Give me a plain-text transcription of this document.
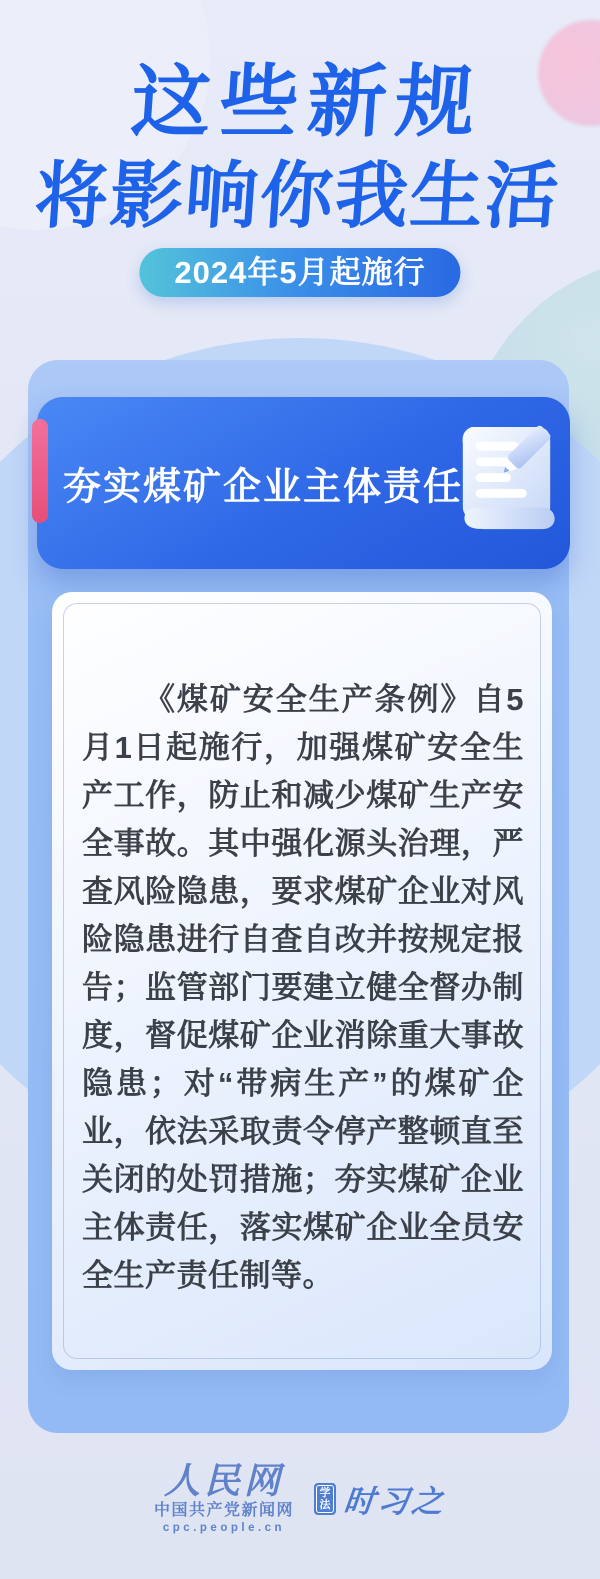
这些新规
将影响你我生活
2024年5月起施行
夯实煤矿企业主体责任

《煤矿安全生产条例》自5月1日起施行，加强煤矿安全生产工作，防止和减少煤矿生产安全事故。其中强化源头治理，严查风险隐患，要求煤矿企业对风险隐患进行自查自改并按规定报告；监管部门要建立健全督办制度，督促煤矿企业消除重大事故隐患；对“带病生产”的煤矿企业，依法采取责令停产整顿直至关闭的处罚措施；夯实煤矿企业主体责任，落实煤矿企业全员安全生产责任制等。

人民网
中国共产党新闻网
cpc.people.cn
学
法 时习之
